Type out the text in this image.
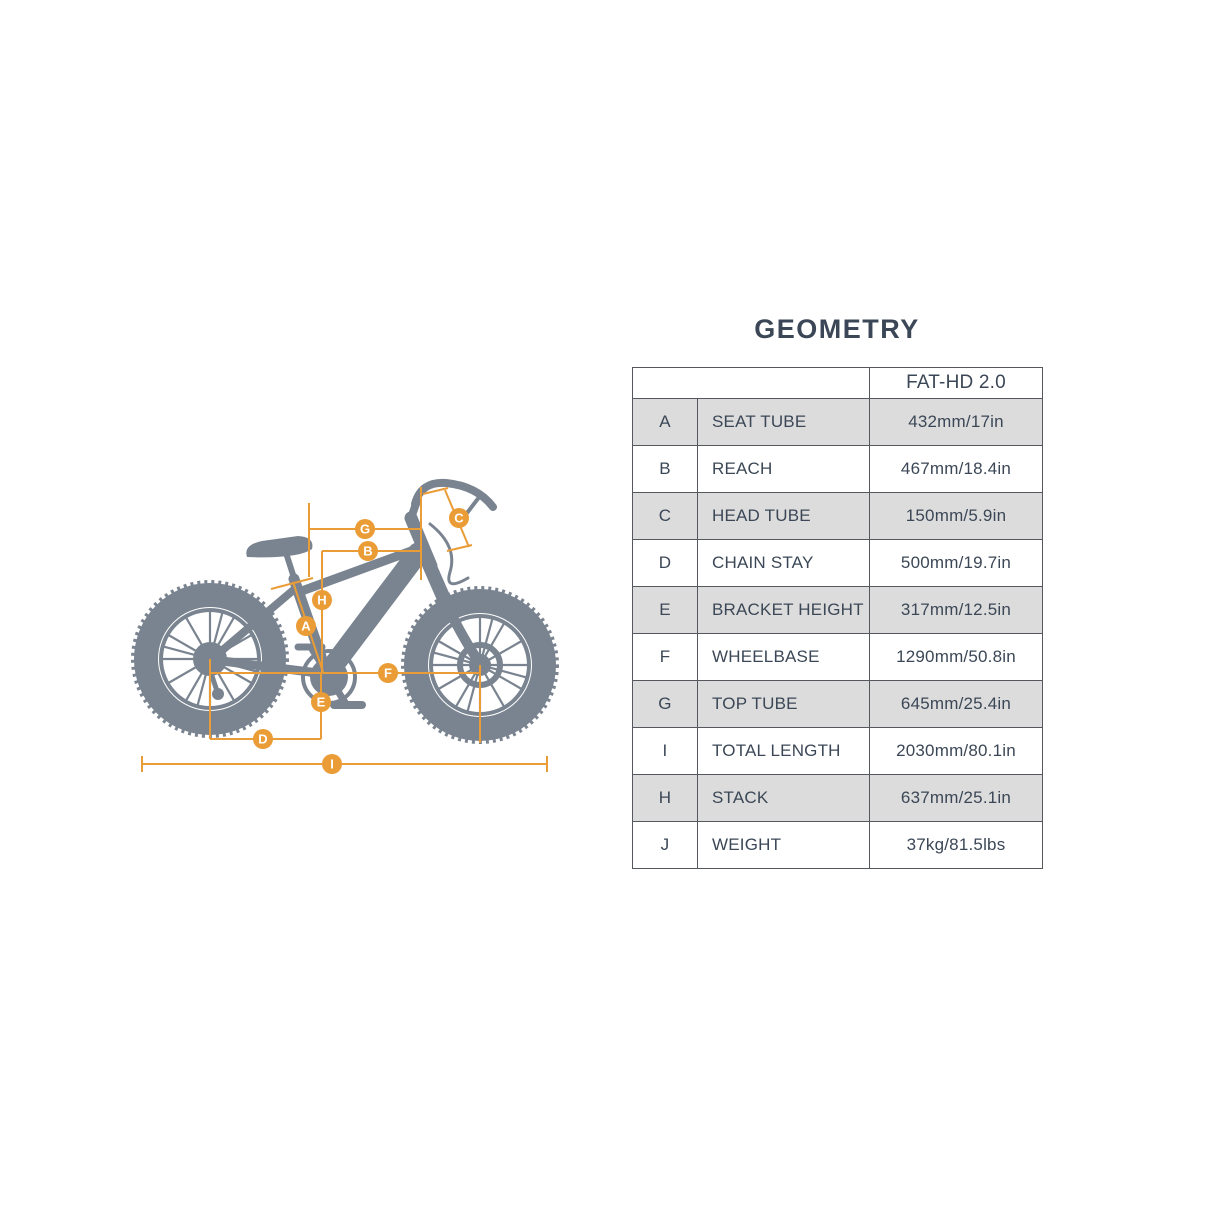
GEOMETRY
		FAT-HD 2.0
A	SEAT TUBE	432mm/17in
B	REACH	467mm/18.4in
C	HEAD TUBE	150mm/5.9in
D	CHAIN STAY	500mm/19.7in
E	BRACKET HEIGHT	317mm/12.5in
F	WHEELBASE	1290mm/50.8in
G	TOP TUBE	645mm/25.4in
I	TOTAL LENGTH	2030mm/80.1in
H	STACK	637mm/25.1in
J	WEIGHT	37kg/81.5lbs
A
B
C
D
E
F
G
H
I
